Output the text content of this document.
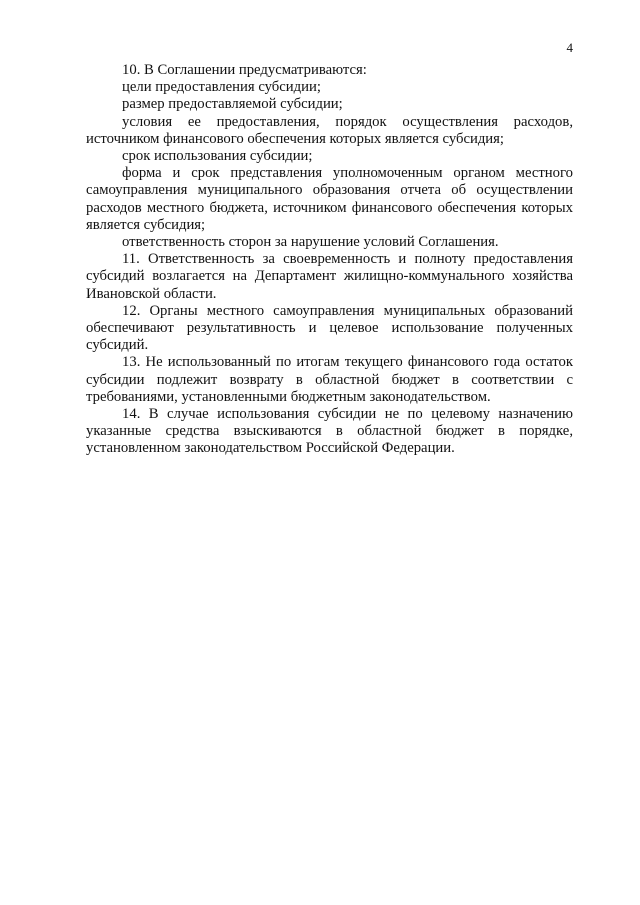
4

10. В Соглашении предусматриваются:

цели предоставления субсидии;

размер предоставляемой субсидии;

условия ее предоставления, порядок осуществления расходов, источником финансового обеспечения которых является субсидия;

срок использования субсидии;

форма и срок представления уполномоченным органом местного самоуправления муниципального образования отчета об осуществлении расходов местного бюджета, источником финансового обеспечения которых является субсидия;

ответственность сторон за нарушение условий Соглашения.

11. Ответственность за своевременность и полноту предоставления субсидий возлагается на Департамент жилищно-коммунального хозяйства Ивановской области.

12. Органы местного самоуправления муниципальных образований обеспечивают результативность и целевое использование полученных субсидий.

13. Не использованный по итогам текущего финансового года остаток субсидии подлежит возврату в областной бюджет в соответствии с требованиями, установленными бюджетным законодательством.

14. В случае использования субсидии не по целевому назначению указанные средства взыскиваются в областной бюджет в порядке, установленном законодательством Российской Федерации.
